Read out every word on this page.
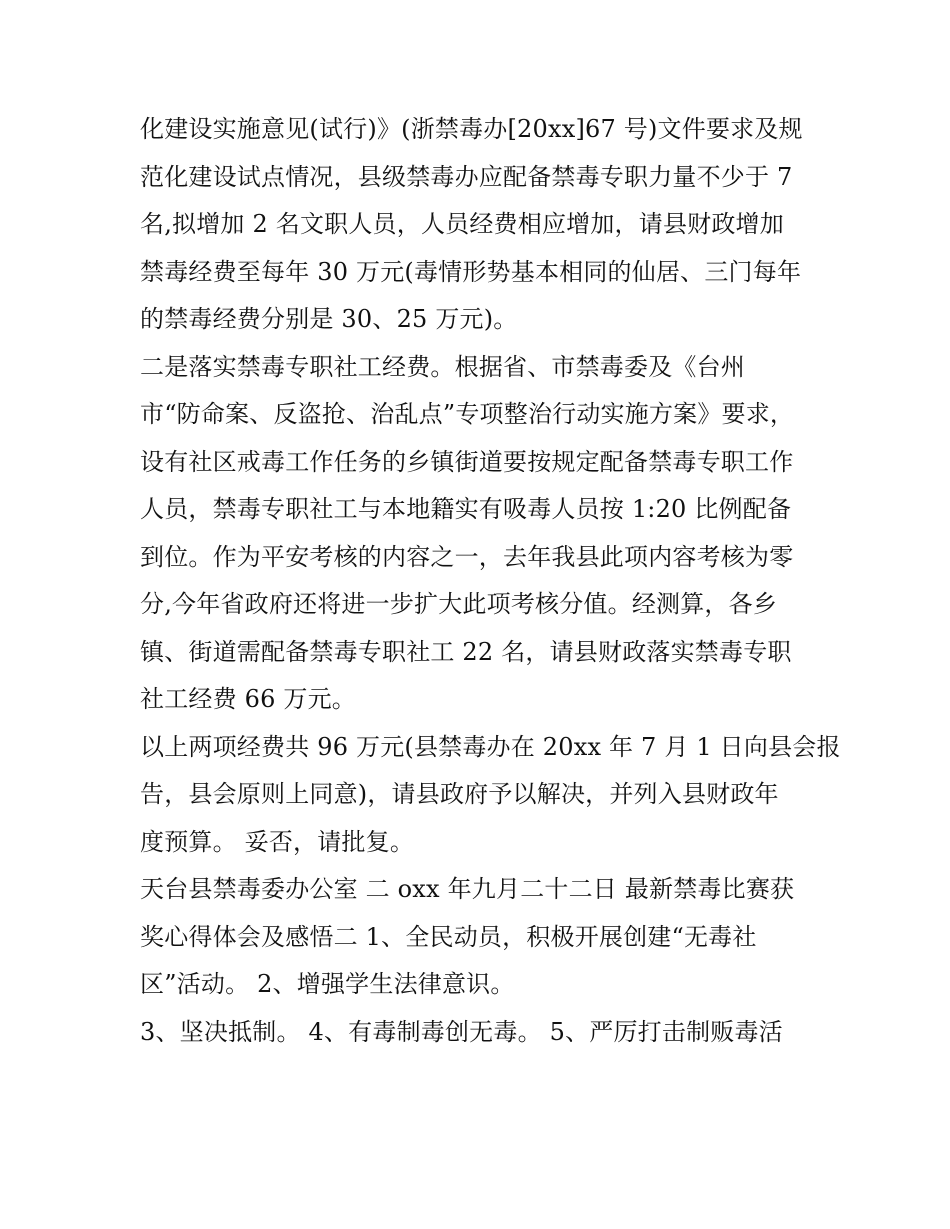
化建设实施意见(试行)》(浙禁毒办[20xx]67 号)文件要求及规

范化建设试点情况，县级禁毒办应配备禁毒专职力量不少于 7

名,拟增加 2 名文职人员，人员经费相应增加，请县财政增加

禁毒经费至每年 30 万元(毒情形势基本相同的仙居、三门每年

的禁毒经费分别是 30、25 万元)。

二是落实禁毒专职社工经费。根据省、市禁毒委及《台州

市“防命案、反盗抢、治乱点”专项整治行动实施方案》要求，

设有社区戒毒工作任务的乡镇街道要按规定配备禁毒专职工作

人员，禁毒专职社工与本地籍实有吸毒人员按 1:20 比例配备

到位。作为平安考核的内容之一，去年我县此项内容考核为零

分,今年省政府还将进一步扩大此项考核分值。经测算，各乡

镇、街道需配备禁毒专职社工 22 名，请县财政落实禁毒专职

社工经费 66 万元。

以上两项经费共 96 万元(县禁毒办在 20xx 年 7 月 1 日向县会报

告，县会原则上同意)，请县政府予以解决，并列入县财政年

度预算。 妥否，请批复。

天台县禁毒委办公室 二 oxx 年九月二十二日 最新禁毒比赛获

奖心得体会及感悟二 1、全民动员，积极开展创建“无毒社

区”活动。 2、增强学生法律意识。

3、坚决抵制。 4、有毒制毒创无毒。 5、严厉打击制贩毒活
